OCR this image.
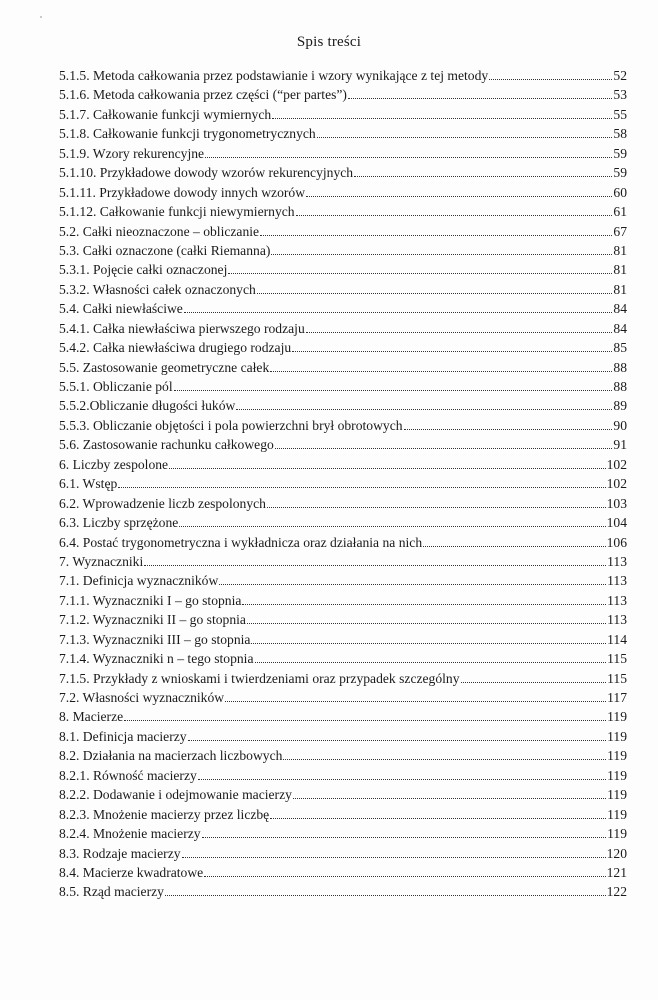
Spis treści
5.1.5. Metoda całkowania przez podstawianie i wzory wynikające z tej metody	52
5.1.6. Metoda całkowania przez części (“per partes”)	53
5.1.7. Całkowanie funkcji wymiernych	55
5.1.8. Całkowanie funkcji trygonometrycznych	58
5.1.9. Wzory rekurencyjne	59
5.1.10. Przykładowe dowody wzorów rekurencyjnych	59
5.1.11. Przykładowe dowody innych wzorów	60
5.1.12. Całkowanie funkcji niewymiernych	61
5.2. Całki nieoznaczone – obliczanie	67
5.3. Całki oznaczone (całki Riemanna)	81
5.3.1. Pojęcie całki oznaczonej	81
5.3.2. Własności całek oznaczonych	81
5.4. Całki niewłaściwe	84
5.4.1. Całka niewłaściwa pierwszego rodzaju	84
5.4.2. Całka niewłaściwa drugiego rodzaju	85
5.5. Zastosowanie geometryczne całek	88
5.5.1. Obliczanie pól	88
5.5.2.Obliczanie długości łuków	89
5.5.3. Obliczanie objętości i pola powierzchni brył obrotowych	90
5.6. Zastosowanie rachunku całkowego	91
6. Liczby zespolone	102
6.1. Wstęp	102
6.2. Wprowadzenie liczb zespolonych	103
6.3. Liczby sprzężone	104
6.4. Postać trygonometryczna i wykładnicza oraz działania na nich	106
7. Wyznaczniki	113
7.1. Definicja wyznaczników	113
7.1.1. Wyznaczniki I – go stopnia	113
7.1.2. Wyznaczniki II – go stopnia	113
7.1.3. Wyznaczniki III – go stopnia	114
7.1.4. Wyznaczniki n – tego stopnia	115
7.1.5. Przykłady z wnioskami i twierdzeniami oraz przypadek szczególny	115
7.2. Własności wyznaczników	117
8. Macierze	119
8.1. Definicja macierzy	119
8.2. Działania na macierzach liczbowych	119
8.2.1. Równość macierzy	119
8.2.2. Dodawanie i odejmowanie macierzy	119
8.2.3. Mnożenie macierzy przez liczbę	119
8.2.4. Mnożenie macierzy	119
8.3. Rodzaje macierzy	120
8.4. Macierze kwadratowe	121
8.5. Rząd macierzy	122
